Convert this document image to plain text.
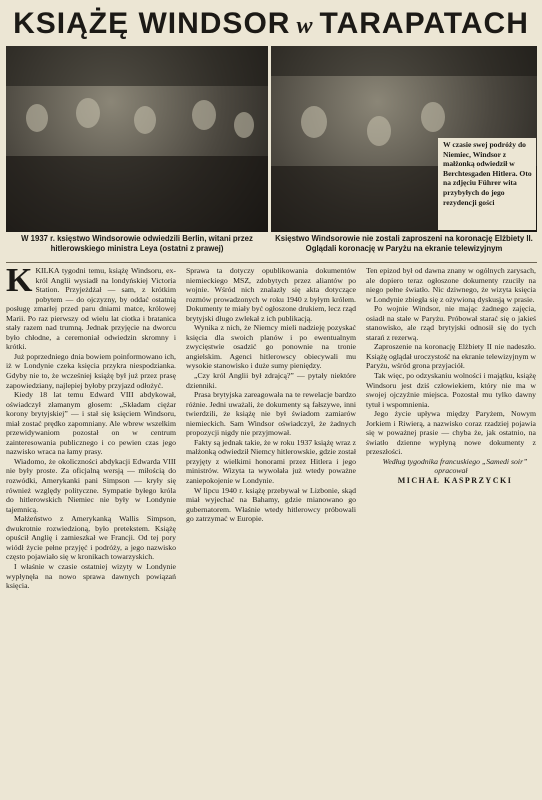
KSIĄŻĘ WINDSOR w TARAPATACH
W czasie swej podróży do Niemiec, Windsor z małżonką odwiedził w Berchtesgaden Hitlera. Oto na zdjęciu Führer wita przybyłych do jego rezydencji gości
W 1937 r. księstwo Windsorowie odwiedzili Berlin, witani przez hitlerowskiego ministra Leya (ostatni z prawej)
Księstwo Windsorowie nie zostali zaproszeni na koronację Elżbiety II. Oglądali koronację w Paryżu na ekranie telewizyjnym

KKILKA tygodni temu, książę Windsoru, ex-król Anglii wysiadł na londyńskiej Victoria Station. Przyjeżdżał — sam, z krótkim pobytem — do ojczyzny, by oddać ostatnią posługę zmarłej przed paru dniami matce, królowej Marii. Po raz pierwszy od wielu lat ciotka i bratanica stały razem nad trumną. Jednak przyjęcie na dworcu było chłodne, a ceremoniał odwiedzin skromny i krótki.

Już poprzedniego dnia bowiem poinformowano ich, iż w Londynie czeka księcia przykra niespodzianka. Gdyby nie to, że wcześniej książę był już przez prasę zapowiedziany, najlepiej byłoby przyjazd odłożyć.

Kiedy 18 lat temu Edward VIII abdykował, oświadczył złamanym głosem: „Składam ciężar korony brytyjskiej” — i stał się księciem Windsoru, miał zostać prędko zapomniany. Ale wbrew wszelkim przewidywaniom pozostał on w centrum zainteresowania publicznego i co pewien czas jego nazwisko wraca na łamy prasy.

Wiadomo, że okoliczności abdykacji Edwarda VIII nie były proste. Za oficjalną wersją — miłością do rozwódki, Amerykanki pani Simpson — kryły się również względy polityczne. Sympatie byłego króla do hitlerowskich Niemiec nie były w Londynie tajemnicą.

Małżeństwo z Amerykanką Wallis Simpson, dwukrotnie rozwiedzioną, było pretekstem. Książę opuścił Anglię i zamieszkał we Francji. Od tej pory wiódł życie pełne przyjęć i podróży, a jego nazwisko często pojawiało się w kronikach towarzyskich.

I właśnie w czasie ostatniej wizyty w Londynie wypłynęła na nowo sprawa dawnych powiązań księcia.

Sprawa ta dotyczy opublikowania dokumentów niemieckiego MSZ, zdobytych przez aliantów po wojnie. Wśród nich znalazły się akta dotyczące rozmów prowadzonych w roku 1940 z byłym królem. Dokumenty te miały być ogłoszone drukiem, lecz rząd brytyjski długo zwlekał z ich publikacją.

Wynika z nich, że Niemcy mieli nadzieję pozyskać księcia dla swoich planów i po ewentualnym zwycięstwie osadzić go ponownie na tronie angielskim. Agenci hitlerowscy obiecywali mu wysokie stanowisko i duże sumy pieniędzy.

„Czy król Anglii był zdrajcą?” — pytały niektóre dzienniki.

Prasa brytyjska zareagowała na te rewelacje bardzo różnie. Jedni uważali, że dokumenty są fałszywe, inni twierdzili, że książę nie był świadom zamiarów niemieckich. Sam Windsor oświadczył, że żadnych propozycji nigdy nie przyjmował.

Fakty są jednak takie, że w roku 1937 książę wraz z małżonką odwiedził Niemcy hitlerowskie, gdzie został przyjęty z wielkimi honorami przez Hitlera i jego ministrów. Wizyta ta wywołała już wtedy poważne zaniepokojenie w Londynie.

W lipcu 1940 r. książę przebywał w Lizbonie, skąd miał wyjechać na Bahamy, gdzie mianowano go gubernatorem. Właśnie wtedy hitlerowcy próbowali go zatrzymać w Europie.

Ten epizod był od dawna znany w ogólnych zarysach, ale dopiero teraz ogłoszone dokumenty rzuciły na niego pełne światło. Nic dziwnego, że wizyta księcia w Londynie zbiegła się z ożywioną dyskusją w prasie.

Po wojnie Windsor, nie mając żadnego zajęcia, osiadł na stałe w Paryżu. Próbował starać się o jakieś stanowisko, ale rząd brytyjski odnosił się do tych starań z rezerwą.

Zaproszenie na koronację Elżbiety II nie nadeszło. Książę oglądał uroczystość na ekranie telewizyjnym w Paryżu, wśród grona przyjaciół.

Tak więc, po odzyskaniu wolności i majątku, książę Windsoru jest dziś człowiekiem, który nie ma w swojej ojczyźnie miejsca. Pozostał mu tylko dawny tytuł i wspomnienia.

Jego życie upływa między Paryżem, Nowym Jorkiem i Riwierą, a nazwisko coraz rzadziej pojawia się w poważnej prasie — chyba że, jak ostatnio, na światło dzienne wypłyną nowe dokumenty z przeszłości.

Według tygodnika francuskiego „Samedi soir” opracował

MICHAŁ KASPRZYCKI
